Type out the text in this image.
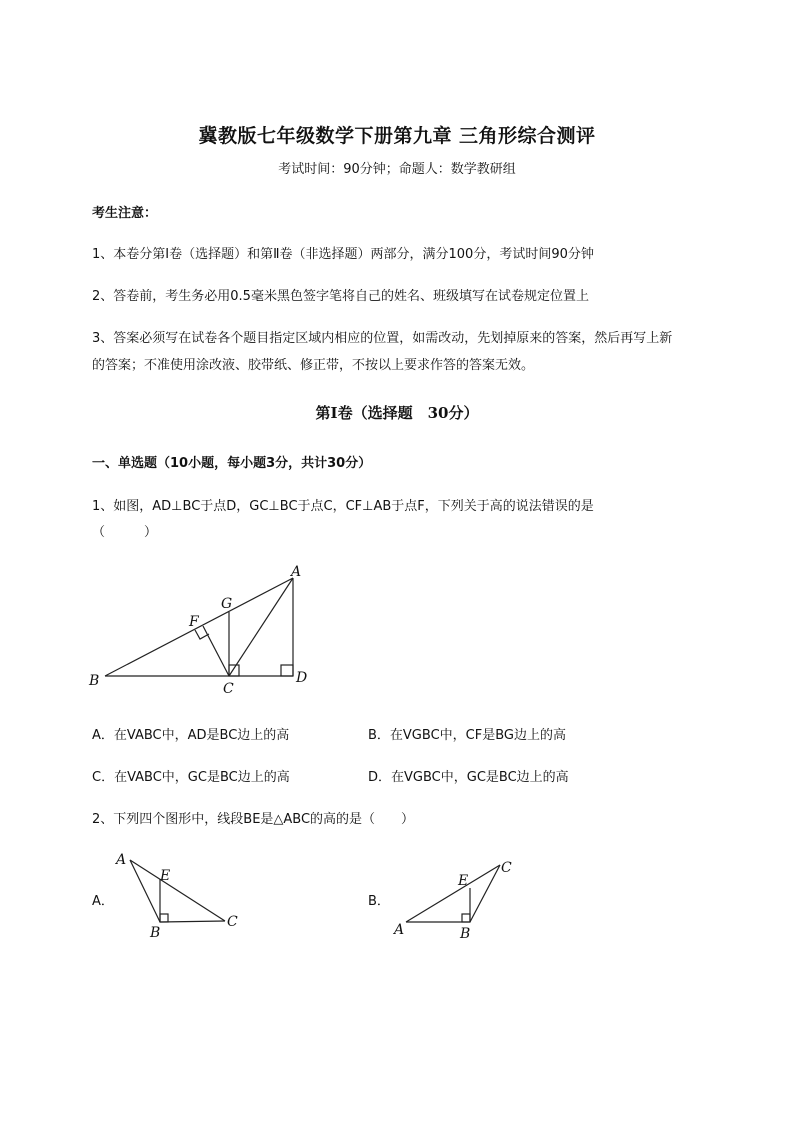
冀教版七年级数学下册第九章 三角形综合测评
考试时间：90分钟；命题人：数学教研组
考生注意：
1、本卷分第I卷（选择题）和第Ⅱ卷（非选择题）两部分，满分100分，考试时间90分钟
2、答卷前，考生务必用0.5毫米黑色签字笔将自己的姓名、班级填写在试卷规定位置上
3、答案必须写在试卷各个题目指定区域内相应的位置，如需改动，先划掉原来的答案，然后再写上新
的答案；不准使用涂改液、胶带纸、修正带，不按以上要求作答的答案无效。
第I卷（选择题　30分）
一、单选题（10小题，每小题3分，共计30分）
1、如图，AD⊥BC于点D，GC⊥BC于点C，CF⊥AB于点F，下列关于高的说法错误的是
（　　　）
B	C
D
A
G
F
A．在VABC中，AD是BC边上的高	B．在VGBC中，CF是BG边上的高
C．在VABC中，GC是BC边上的高	D．在VGBC中，GC是BC边上的高
2、下列四个图形中，线段BE是△ABC的高的是（　　）
A．
A
E
B
C
B．
A
E
B
C
